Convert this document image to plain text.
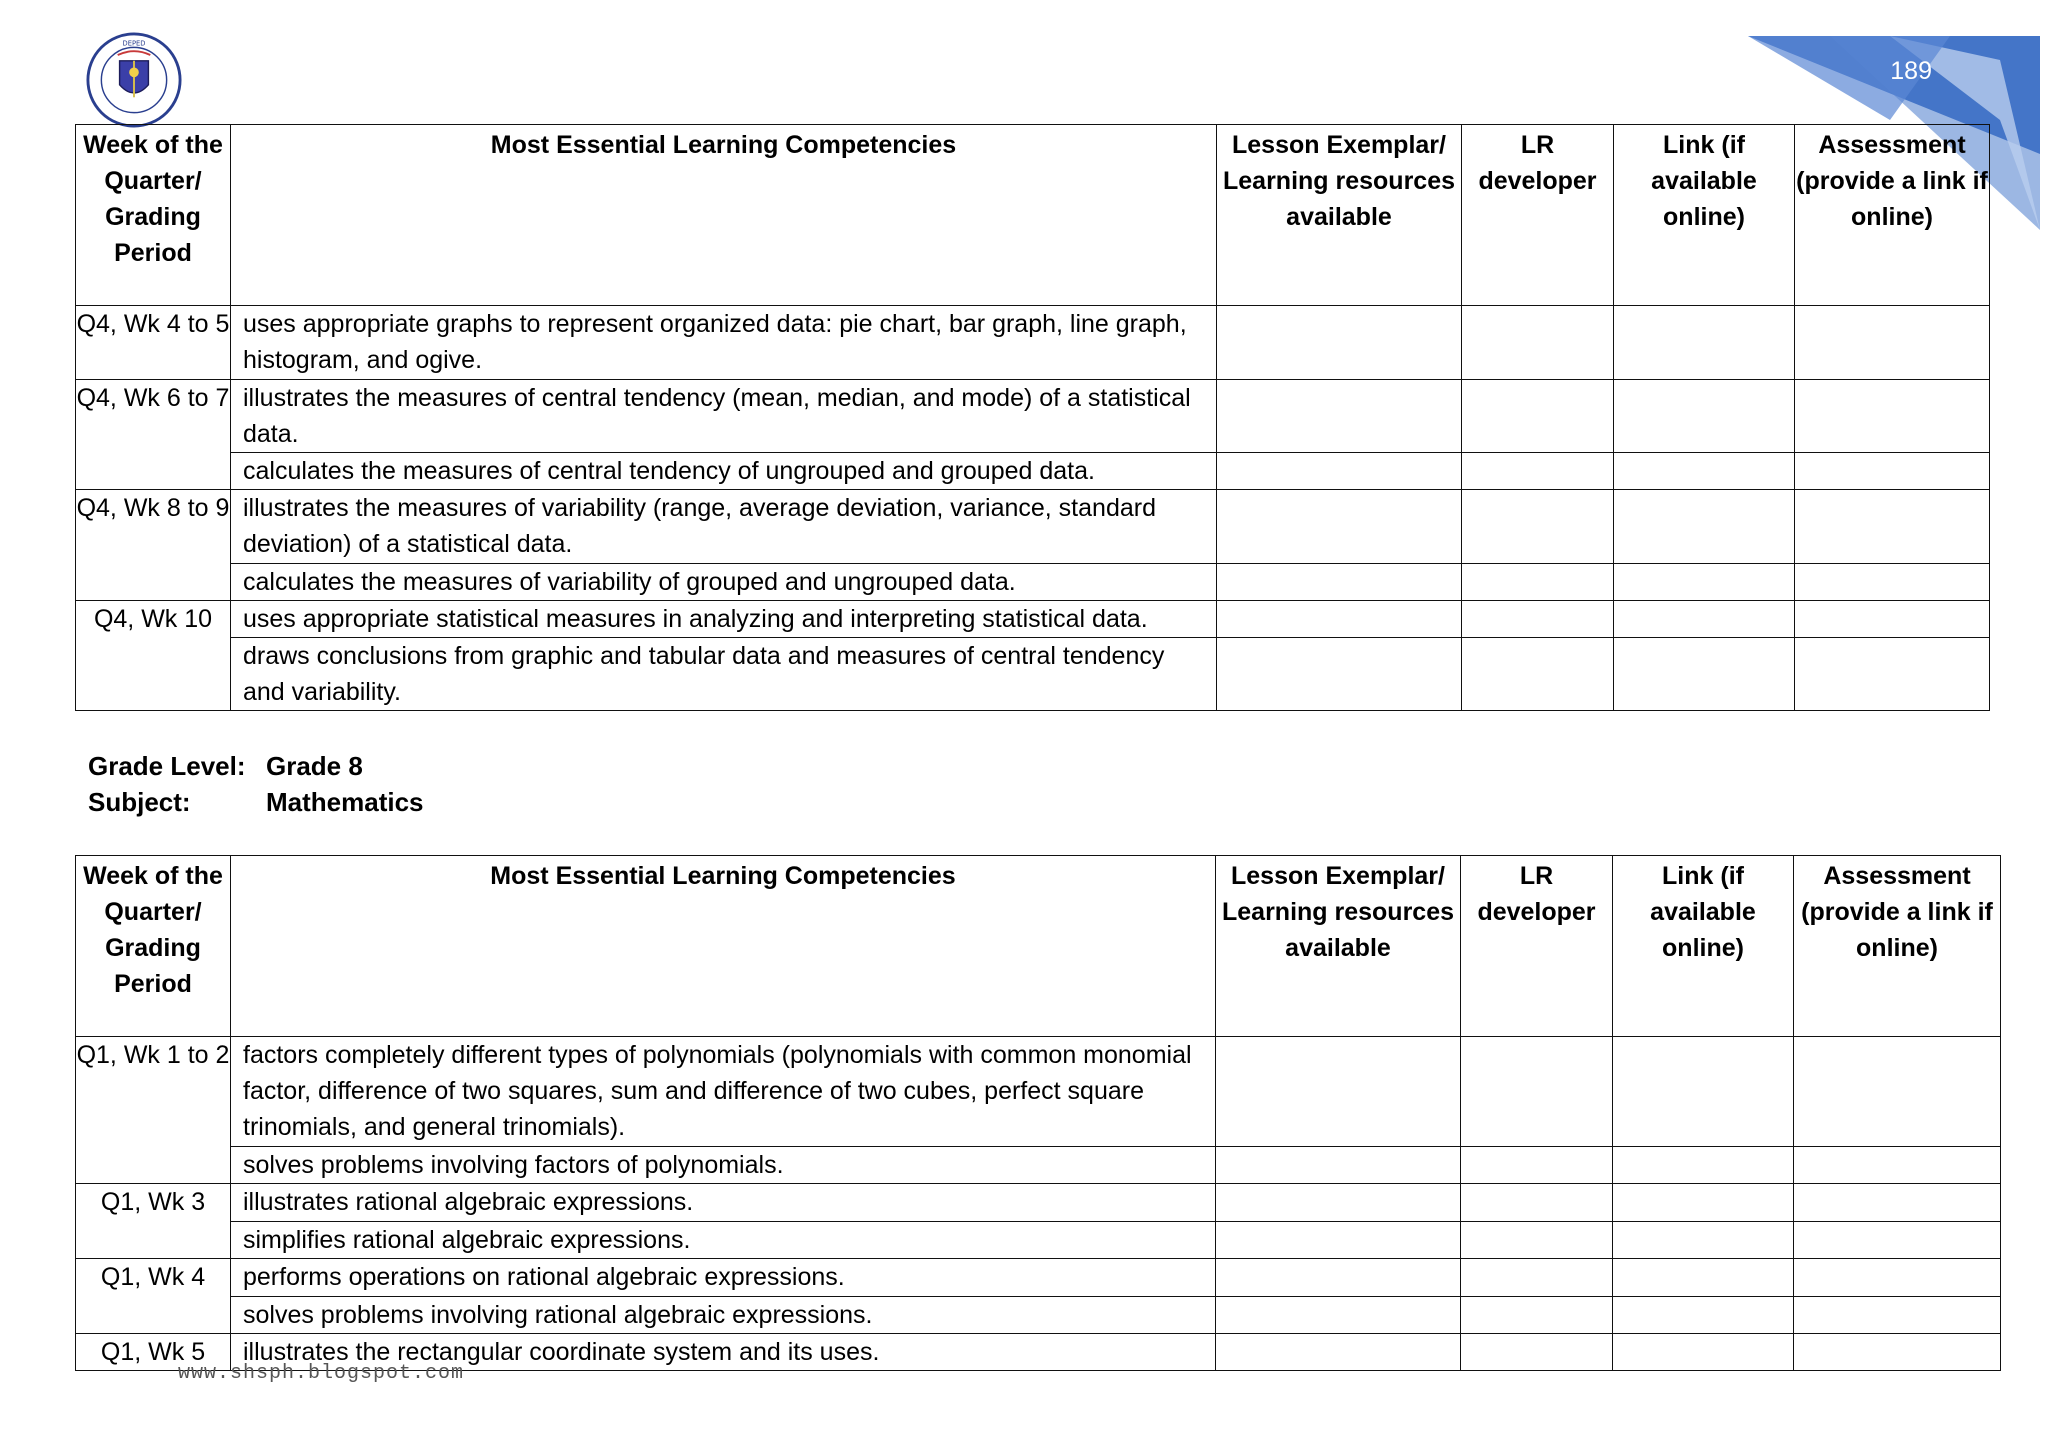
DEPED
189
Week of the Quarter/ Grading Period	Most Essential Learning Competencies	Lesson Exemplar/ Learning resources available	LR developer	Link (if available online)	Assessment (provide a link if online)
Q4, Wk 4 to 5	uses appropriate graphs to represent organized data: pie chart, bar graph, line graph, histogram, and ogive.				
Q4, Wk 6 to 7	illustrates the measures of central tendency (mean, median, and mode) of a statistical data.				
	calculates the measures of central tendency of ungrouped and grouped data.				
Q4, Wk 8 to 9	illustrates the measures of variability (range, average deviation, variance, standard deviation) of a statistical data.				
	calculates the measures of variability of grouped and ungrouped data.				
Q4, Wk 10	uses appropriate statistical measures in analyzing and interpreting statistical data.				
	draws conclusions from graphic and tabular data and measures of central tendency and variability.				
Grade Level: Grade 8
Subject:	Mathematics
Week of the Quarter/ Grading Period	Most Essential Learning Competencies	Lesson Exemplar/ Learning resources available	LR developer	Link (if available online)	Assessment (provide a link if online)
Q1, Wk 1 to 2	factors completely different types of polynomials (polynomials with common monomial factor, difference of two squares, sum and difference of two cubes, perfect square trinomials, and general trinomials).				
	solves problems involving factors of polynomials.				
Q1, Wk 3	illustrates rational algebraic expressions.				
	simplifies rational algebraic expressions.				
Q1, Wk 4	performs operations on rational algebraic expressions.				
	solves problems involving rational algebraic expressions.				
Q1, Wk 5	illustrates the rectangular coordinate system and its uses.				
www.shsph.blogspot.com
